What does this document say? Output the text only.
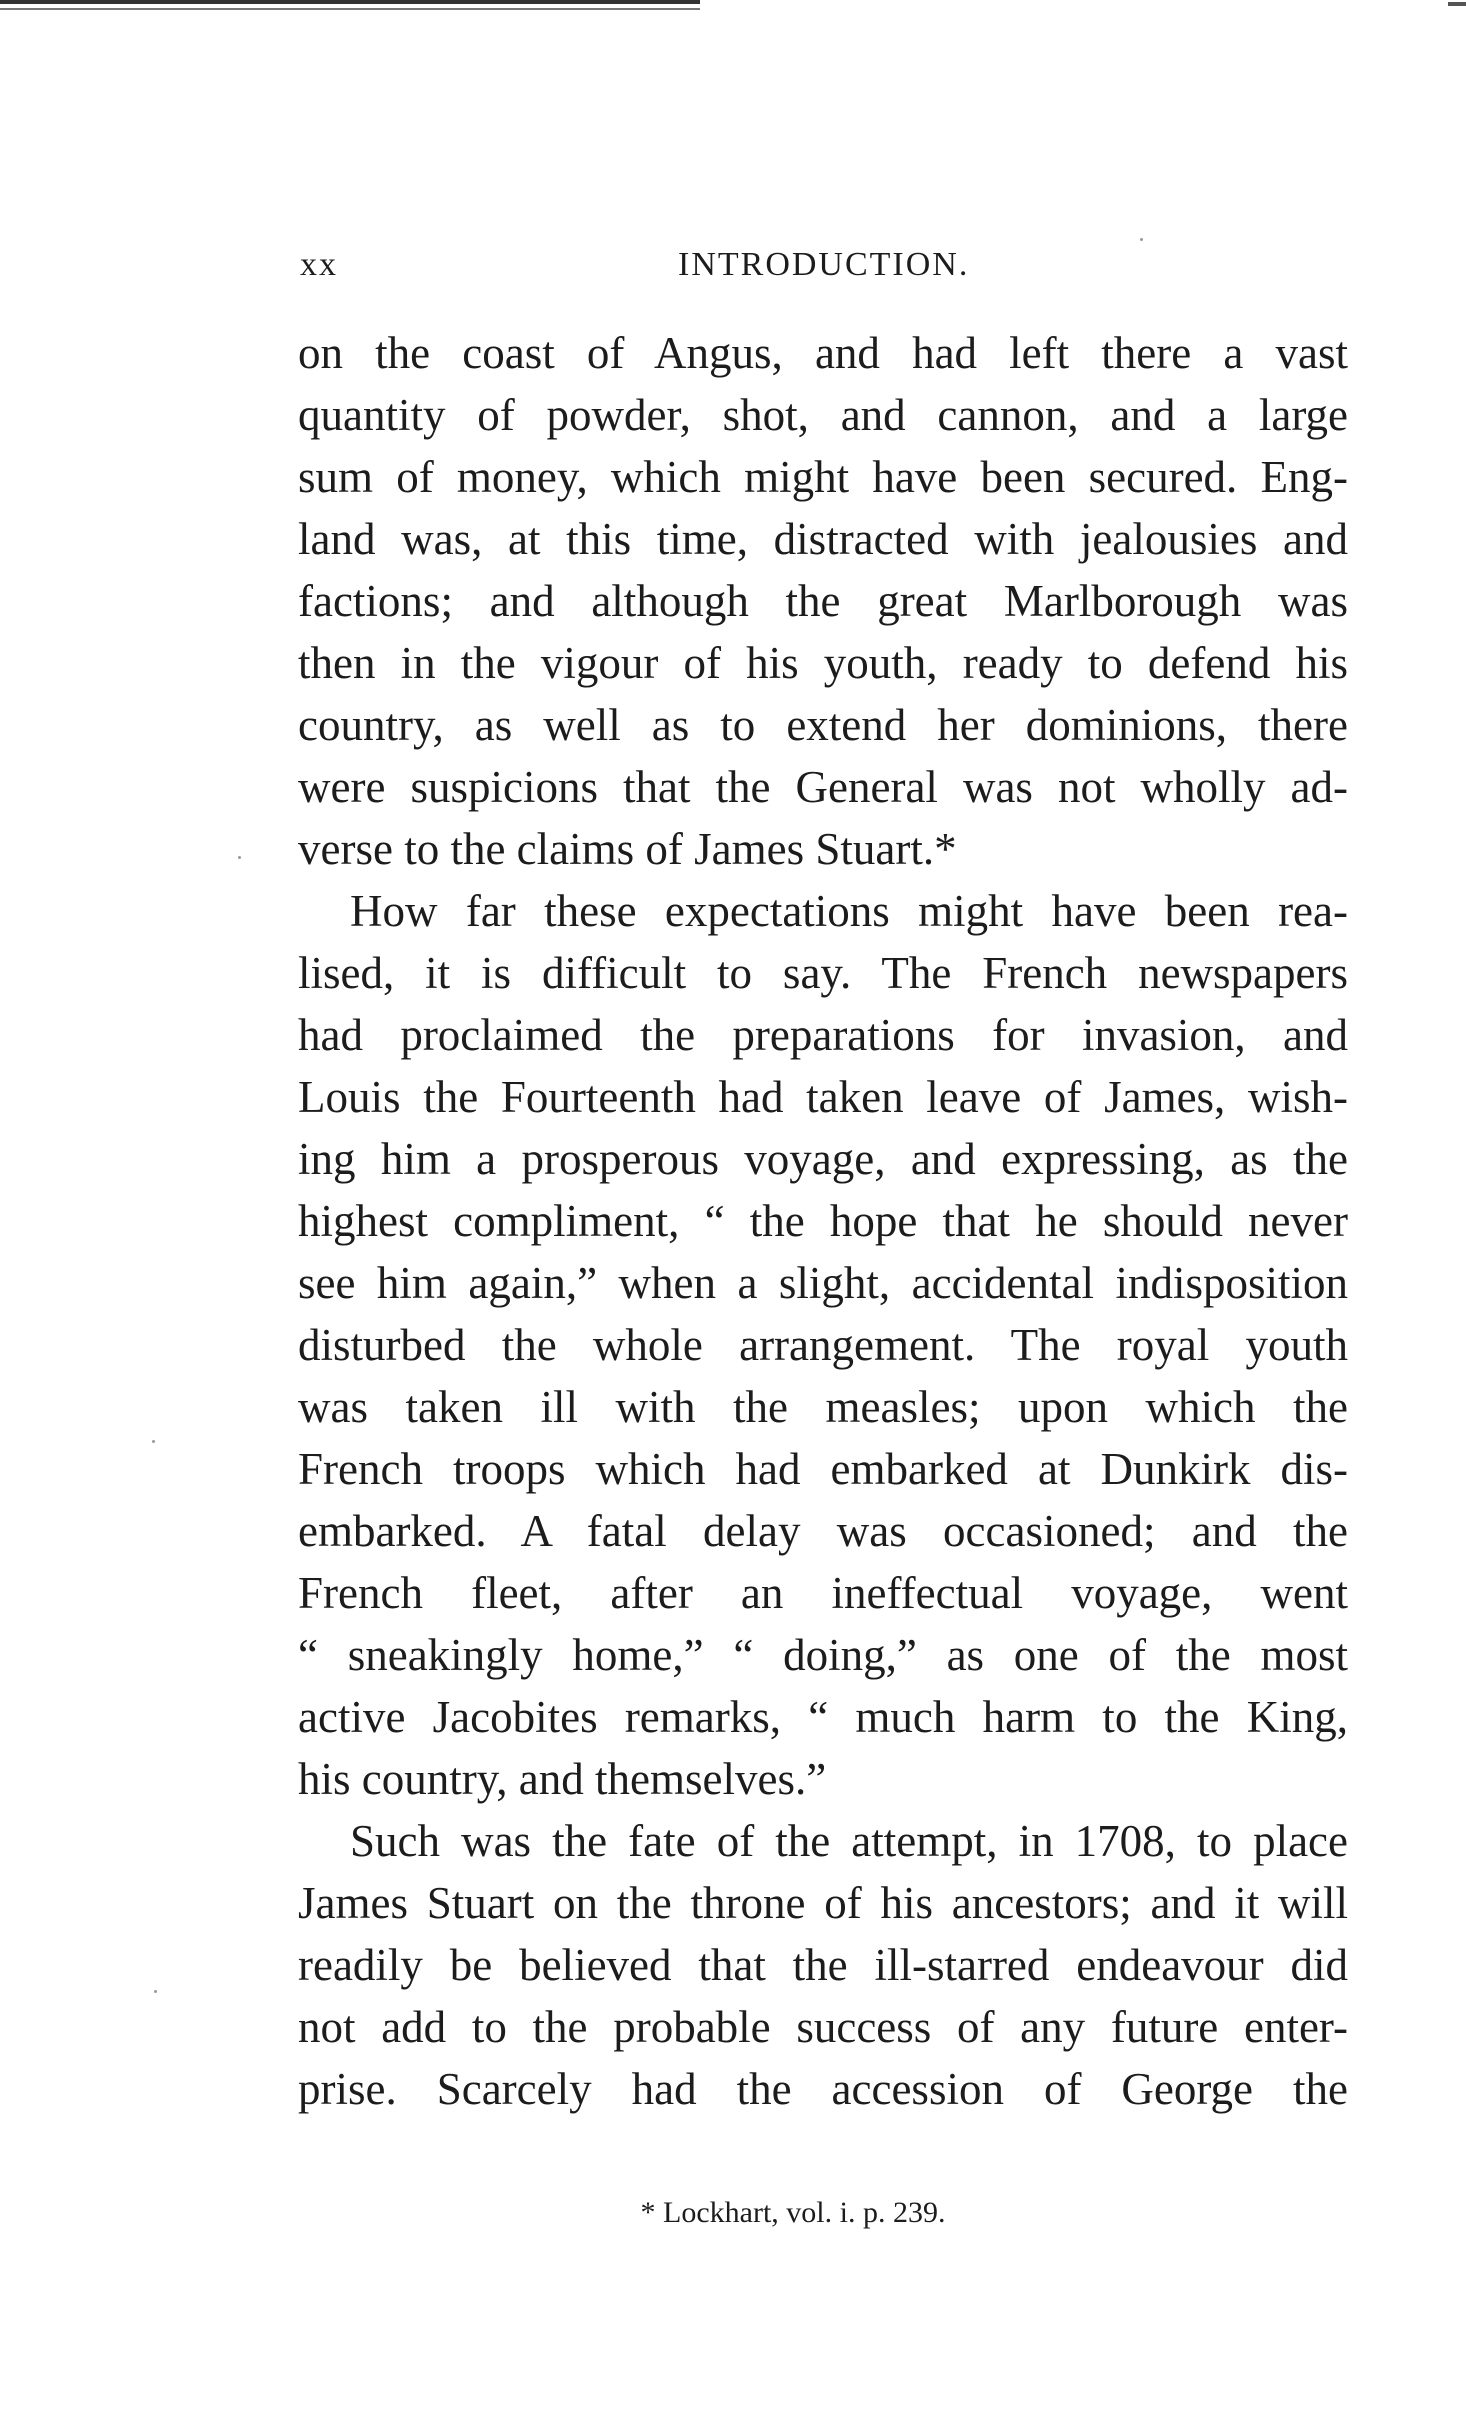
xx	INTRODUCTION.
on the coast of Angus, and had left there a vast
quantity of powder, shot, and cannon, and a large
sum of money, which might have been secured. Eng-
land was, at this time, distracted with jealousies and
factions; and although the great Marlborough was
then in the vigour of his youth, ready to defend his
country, as well as to extend her dominions, there
were suspicions that the General was not wholly ad-
verse to the claims of James Stuart.*
How far these expectations might have been rea-
lised, it is difficult to say. The French newspapers
had proclaimed the preparations for invasion, and
Louis the Fourteenth had taken leave of James, wish-
ing him a prosperous voyage, and expressing, as the
highest compliment, “ the hope that he should never
see him again,” when a slight, accidental indisposition
disturbed the whole arrangement. The royal youth
was taken ill with the measles; upon which the
French troops which had embarked at Dunkirk dis-
embarked. A fatal delay was occasioned; and the
French fleet, after an ineffectual voyage, went
“ sneakingly home,” “ doing,” as one of the most
active Jacobites remarks, “ much harm to the King,
his country, and themselves.”
Such was the fate of the attempt, in 1708, to place
James Stuart on the throne of his ancestors; and it will
readily be believed that the ill-starred endeavour did
not add to the probable success of any future enter-
prise. Scarcely had the accession of George the
* Lockhart, vol. i. p. 239.
